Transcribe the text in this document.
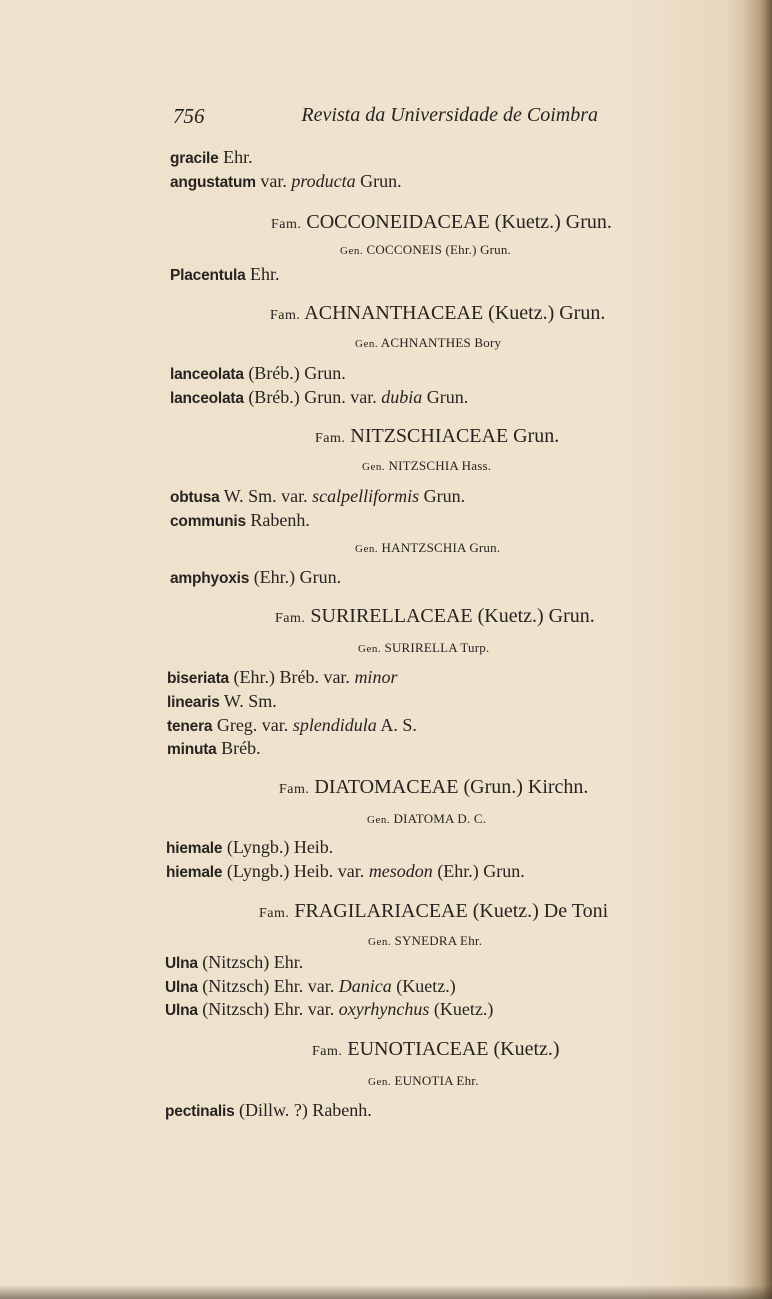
756	Revista da Universidade de Coimbra
gracile Ehr.
angustatum var. producta Grun.
Fam. COCCONEIDACEAE (Kuetz.) Grun.
Gen. COCCONEIS (Ehr.) Grun.
Placentula Ehr.
Fam. ACHNANTHACEAE (Kuetz.) Grun.
Gen. ACHNANTHES Bory
lanceolata (Bréb.) Grun.
lanceolata (Bréb.) Grun. var. dubia Grun.
Fam. NITZSCHIACEAE Grun.
Gen. NITZSCHIA Hass.
obtusa W. Sm. var. scalpelliformis Grun.
communis Rabenh.
Gen. HANTZSCHIA Grun.
amphyoxis (Ehr.) Grun.
Fam. SURIRELLACEAE (Kuetz.) Grun.
Gen. SURIRELLA Turp.
biseriata (Ehr.) Bréb. var. minor
linearis W. Sm.
tenera Greg. var. splendidula A. S.
minuta Bréb.
Fam. DIATOMACEAE (Grun.) Kirchn.
Gen. DIATOMA D. C.
hiemale (Lyngb.) Heib.
hiemale (Lyngb.) Heib. var. mesodon (Ehr.) Grun.
Fam. FRAGILARIACEAE (Kuetz.) De Toni
Gen. SYNEDRA Ehr.
Ulna (Nitzsch) Ehr.
Ulna (Nitzsch) Ehr. var. Danica (Kuetz.)
Ulna (Nitzsch) Ehr. var. oxyrhynchus (Kuetz.)
Fam. EUNOTIACEAE (Kuetz.)
Gen. EUNOTIA Ehr.
pectinalis (Dillw. ?) Rabenh.
